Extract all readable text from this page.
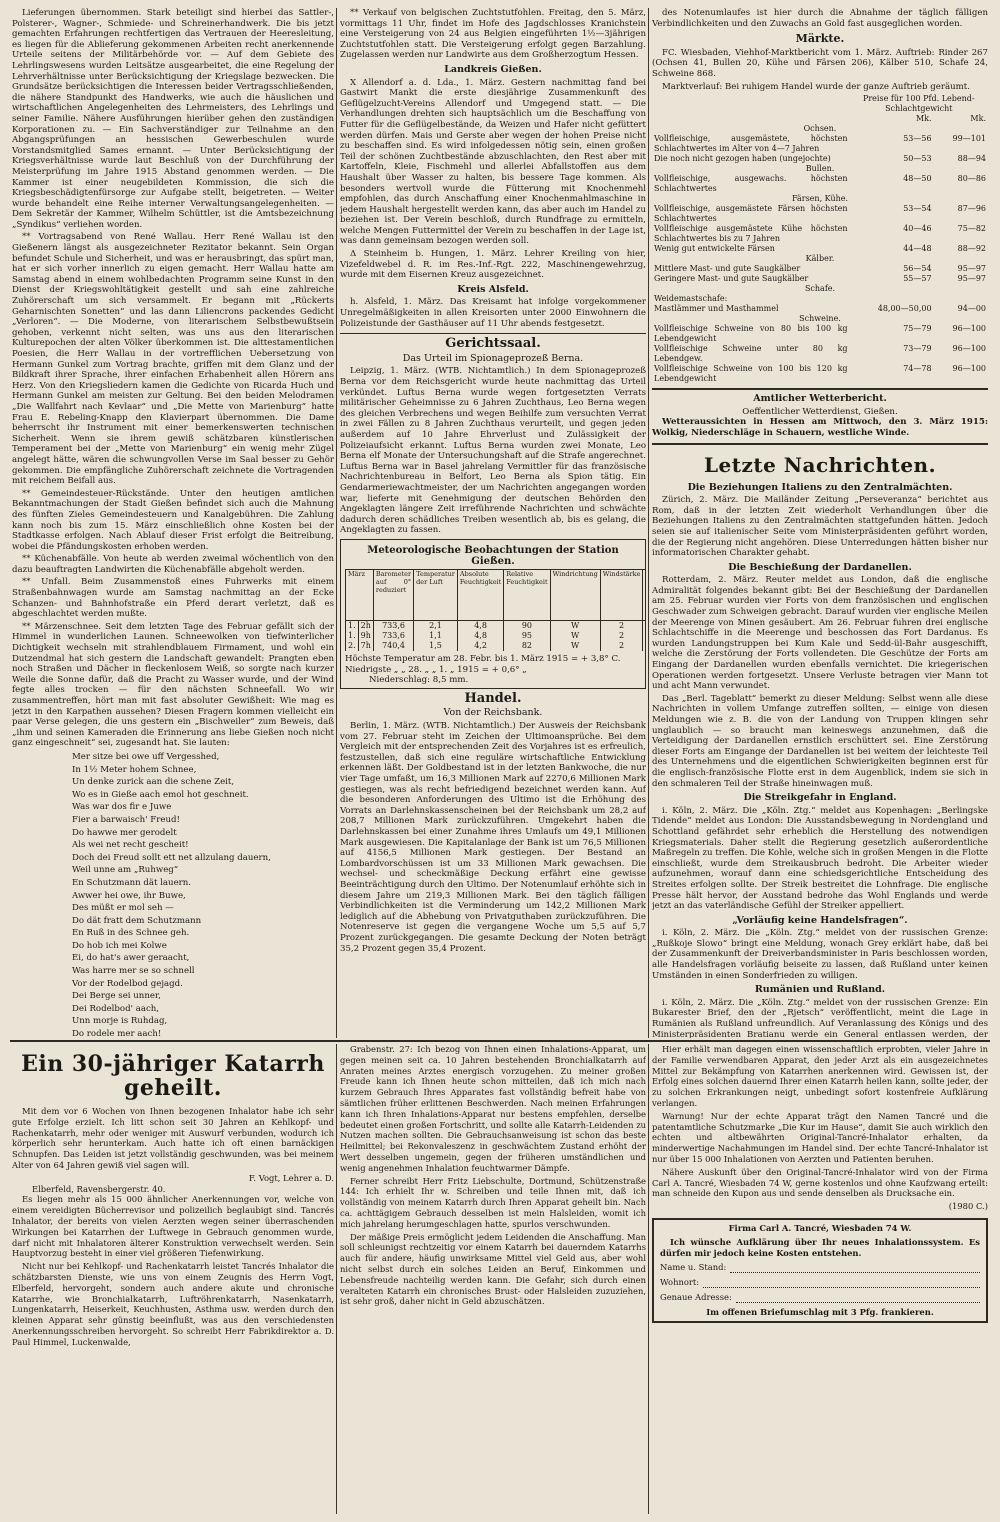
Lieferungen übernommen. Stark beteiligt sind hierbei das Sattler-, Polsterer-, Wagner-, Schmiede- und Schreinerhandwerk. Die bis jetzt gemachten Erfahrungen rechtfertigen das Vertrauen der Heeresleitung, es liegen für die Ablieferung gekommenen Arbeiten recht anerkennende Urteile seitens der Militärbehörde vor. — Auf dem Gebiete des Lehrlingswesens wurden Leitsätze ausgearbeitet, die eine Regelung der Lehrverhältnisse unter Berücksichtigung der Kriegslage bezwecken. Die Grundsätze berücksichtigen die Interessen beider Vertragsschließenden, die nähere Standpunkt des Handwerks, wie auch die häuslichen und wirtschaftlichen Angelegenheiten des Lehrmeisters, des Lehrlings und seiner Familie. Nähere Ausführungen hierüber gehen den zuständigen Korporationen zu. — Ein Sachverständiger zur Teilnahme an den Abgangsprüfungen an hessischen Gewerbeschulen wurde Vorstandsmitglied Sames ernannt. — Unter Berücksichtigung der Kriegsverhältnisse wurde laut Beschluß von der Durchführung der Meisterprüfung im Jahre 1915 Abstand genommen werden. — Die Kammer ist einer neugebildeten Kommission, die sich die Kriegsbeschädigtenfürsorge zur Aufgabe stellt, beigetreten. — Weiter wurde behandelt eine Reihe interner Verwaltungsangelegenheiten. — Dem Sekretär der Kammer, Wilhelm Schüttler, ist die Amtsbezeichnung „Syndikus“ verliehen worden.

** Vortragsabend von René Wallau. Herr René Wallau ist den Gießenern längst als ausgezeichneter Rezitator bekannt. Sein Organ befundet Schule und Sicherheit, und was er herausbringt, das spürt man, hat er sich vorher innerlich zu eigen gemacht. Herr Wallau hatte am Samstag abend in einem wohlbedachten Programm seine Kunst in den Dienst der Kriegswohltätigkeit gestellt und sah eine zahlreiche Zuhörerschaft um sich versammelt. Er begann mit „Rückerts Geharnischten Sonetten“ und las dann Liliencrons packendes Gedicht „Verloren“. — Die Moderne, von literarischem Selbstbewußtsein gehoben, verkennt nicht selten, was uns aus den literarischen Kulturepochen der alten Völker überkommen ist. Die alttestamentlichen Poesien, die Herr Wallau in der vortrefflichen Uebersetzung von Hermann Gunkel zum Vortrag brachte, griffen mit dem Glanz und der Bildkraft ihrer Sprache, ihrer einfachen Erhabenheit allen Hörern ans Herz. Von den Kriegsliedern kamen die Gedichte von Ricarda Huch und Hermann Gunkel am meisten zur Geltung. Bei den beiden Melodramen „Die Wallfahrt nach Kevlaar“ und „Die Mette von Marienburg“ hatte Frau E. Rebeling-Knapp den Klavierpart übernommen. Die Dame beherrscht ihr Instrument mit einer bemerkenswerten technischen Sicherheit. Wenn sie ihrem gewiß schätzbaren künstlerischen Temperament bei der „Mette von Marienburg“ ein wenig mehr Zügel angelegt hätte, wären die schwungvollen Verse im Saal besser zu Gehör gekommen. Die empfängliche Zuhörerschaft zeichnete die Vortragenden mit reichem Beifall aus.

** Gemeindesteuer-Rückstände. Unter den heutigen amtlichen Bekanntmachungen der Stadt Gießen befindet sich auch die Mahnung des fünften Zieles Gemeindesteuern und Kanalgebühren. Die Zahlung kann noch bis zum 15. März einschließlich ohne Kosten bei der Stadtkasse erfolgen. Nach Ablauf dieser Frist erfolgt die Beitreibung, wobei die Pfändungskosten erhoben werden.

** Küchenabfälle. Von heute ab werden zweimal wöchentlich von den dazu beauftragten Landwirten die Küchenabfälle abgeholt werden.

** Unfall. Beim Zusammenstoß eines Fuhrwerks mit einem Straßenbahnwagen wurde am Samstag nachmittag an der Ecke Schanzen- und Bahnhofstraße ein Pferd derart verletzt, daß es abgeschlachtet werden mußte.

** Märzenschnee. Seit dem letzten Tage des Februar gefällt sich der Himmel in wunderlichen Launen. Schneewolken von tiefwinterlicher Dichtigkeit wechseln mit strahlendblauem Firmament, und wohl ein Dutzendmal hat sich gestern die Landschaft gewandelt: Prangten eben noch Straßen und Dächer in fleckenlosem Weiß, so sorgte nach kurzer Weile die Sonne dafür, daß die Pracht zu Wasser wurde, und der Wind fegte alles trocken — für den nächsten Schneefall. Wo wir zusammentreffen, hört man mit fast absoluter Gewißheit: Wie mag es jetzt in den Karpathen aussehen? Diesen Fragern kommen vielleicht ein paar Verse gelegen, die uns gestern ein „Bischweiler“ zum Beweis, daß „ihm und seinen Kameraden die Erinnerung ans liebe Gießen noch nicht ganz eingeschneit“ sei, zugesandt hat. Sie lauten:

Mer sitze bei owe uff Vergesshed,
In 1½ Meter hohem Schnee,
Un denke zurick aan die schene Zeit,
Wo es in Gieße aach emol hot geschneit.
Was war dos fir e Juwe
Fier a barwaisch' Freud!
Do hawwe mer gerodelt
Als wei net recht gescheit!
Doch dei Freud sollt ett net allzulang dauern,
Weil unne am „Ruhweg“
En Schutzmann dät lauern.
Awwer hei owe, ihr Buwe,
Des müßt er mol seh —
Do dät fratt dem Schutzmann
En Ruß in des Schnee geh.
Do hob ich mei Kolwe
Ei, do hat's awer geraacht,
Was harre mer se so schnell
Vor der Rodelbod gejagd.
Dei Berge sei unner,
Dei Rodelbod' aach,
Unn morje is Ruhdag,
Do rodele mer aach!

** Verkauf von belgischen Zuchtstutfohlen. Freitag, den 5. März, vormittags 11 Uhr, findet im Hofe des Jagdschlosses Kranichstein eine Versteigerung von 24 aus Belgien eingeführten 1½—3jährigen Zuchtstutfohlen statt. Die Versteigerung erfolgt gegen Barzahlung. Zugelassen werden nur Landwirte aus dem Großherzogtum Hessen.

Landkreis Gießen.

X Allendorf a. d. Lda., 1. März. Gestern nachmittag fand bei Gastwirt Mankt die erste diesjährige Zusammenkunft des Geflügelzucht-Vereins Allendorf und Umgegend statt. — Die Verhandlungen drehten sich hauptsächlich um die Beschaffung von Futter für die Geflügelbestände, da Weizen und Hafer nicht gefüttert werden dürfen. Mais und Gerste aber wegen der hohen Preise nicht zu beschaffen sind. Es wird infolgedessen nötig sein, einen großen Teil der schönen Zuchtbestände abzuschlachten, den Rest aber mit Kartoffeln, Kleie, Fischmehl und allerlei Abfallstoffen aus dem Haushalt über Wasser zu halten, bis bessere Tage kommen. Als besonders wertvoll wurde die Fütterung mit Knochenmehl empfohlen, das durch Anschaffung einer Knochenmahlmaschine in jedem Haushalt hergestellt werden kann, das aber auch im Handel zu beziehen ist. Der Verein beschloß, durch Rundfrage zu ermitteln, welche Mengen Futtermittel der Verein zu beschaffen in der Lage ist, was dann gemeinsam bezogen werden soll.

Δ Steinheim b. Hungen, 1. März. Lehrer Kreiling von hier, Vizefeldwebel d. R. im Res.-Inf.-Rgt. 222, Maschinengewehrzug, wurde mit dem Eisernen Kreuz ausgezeichnet.

Kreis Alsfeld.

h. Alsfeld, 1. März. Das Kreisamt hat infolge vorgekommener Unregelmäßigkeiten in allen Kreisorten unter 2000 Einwohnern die Polizeistunde der Gasthäuser auf 11 Uhr abends festgesetzt.

Gerichtssaal.
Das Urteil im Spionageprozeß Berna.

Leipzig, 1. März. (WTB. Nichtamtlich.) In dem Spionageprozeß Berna vor dem Reichsgericht wurde heute nachmittag das Urteil verkündet. Luftus Berna wurde wegen fortgesetzten Verrats militärischer Geheimnisse zu 6 Jahren Zuchthaus, Leo Berna wegen des gleichen Verbrechens und wegen Beihilfe zum versuchten Verrat in zwei Fällen zu 8 Jahren Zuchthaus verurteilt, und gegen jeden außerdem auf 10 Jahre Ehrverlust und Zulässigkeit der Polizeiaufsicht erkannt. Luftus Berna wurden zwei Monate, Leo Berna elf Monate der Untersuchungshaft auf die Strafe angerechnet. Luftus Berna war in Basel jahrelang Vermittler für das französische Nachrichtenbureau in Belfort, Leo Berna als Spion tätig. Ein Gendarmeriewachtmeister, der um Nachrichten angegangen worden war, lieferte mit Genehmigung der deutschen Behörden den Angeklagten längere Zeit irreführende Nachrichten und schwächte dadurch deren schädliches Treiben wesentlich ab, bis es gelang, die Angeklagten zu fassen.

Meteorologische Beobachtungen der Station Gießen.
März		Barometer auf 0° reduziert	Temperatur der Luft	Absolute Feuchtigkeit	Relative Feuchtigkeit	Windrichtung	Windstärke		
1.	2h	733,6	2,1	4,8	90	W	2		
1.	9h	733,6	1,1	4,8	95	W	2		
2.	7h	740,4	1,5	4,2	82	W	2		
Höchste Temperatur am 28. Febr. bis 1. März 1915 = + 3,8° C.
Niedrigste „ „ 28. „ „ 1. „ 1915 = + 0,6° „
Niederschlag: 8,5 mm.
Handel.
Von der Reichsbank.

Berlin, 1. März. (WTB. Nichtamtlich.) Der Ausweis der Reichsbank vom 27. Februar steht im Zeichen der Ultimoansprüche. Bei dem Vergleich mit der entsprechenden Zeit des Vorjahres ist es erfreulich, festzustellen, daß sich eine reguläre wirtschaftliche Entwicklung erkennen läßt. Der Goldbestand ist in der letzten Bankwoche, die nur vier Tage umfaßt, um 16,3 Millionen Mark auf 2270,6 Millionen Mark gestiegen, was als recht befriedigend bezeichnet werden kann. Auf die besonderen Anforderungen des Ultimo ist die Erhöhung des Vorrats an Darlehnskassenscheinen bei der Reichsbank um 28,2 auf 208,7 Millionen Mark zurückzuführen. Umgekehrt haben die Darlehnskassen bei einer Zunahme ihres Umlaufs um 49,1 Millionen Mark ausgewiesen. Die Kapitalanlage der Bank ist um 76,5 Millionen auf 4156,5 Millionen Mark gestiegen. Der Bestand an Lombardvorschüssen ist um 33 Millionen Mark gewachsen. Die wechsel- und scheckmäßige Deckung erfährt eine gewisse Beeinträchtigung durch den Ultimo. Der Notenumlauf erhöhte sich in diesem Jahre um 219,3 Millionen Mark. Bei den täglich fälligen Verbindlichkeiten ist die Verminderung um 142,2 Millionen Mark lediglich auf die Abhebung von Privatguthaben zurückzuführen. Die Notenreserve ist gegen die vergangene Woche um 5,5 auf 5,7 Prozent zurückgegangen. Die gesamte Deckung der Noten beträgt 35,2 Prozent gegen 35,4 Prozent.

des Notenumlaufes ist hier durch die Abnahme der täglich fälligen Verbindlichkeiten und den Zuwachs an Gold fast ausgeglichen worden.

Märkte.

FC. Wiesbaden, Viehhof-Marktbericht vom 1. März. Auftrieb: Rinder 267 (Ochsen 41, Bullen 20, Kühe und Färsen 206), Kälber 510, Schafe 24, Schweine 868.

Marktverlauf: Bei ruhigem Handel wurde der ganze Auftrieb geräumt.

	Preise für 100 Pfd. Lebend- Schlachtgewicht	
	Mk.	Mk.
Ochsen.		
Vollfleischige, ausgemästete, höchsten Schlachtwertes im Alter von 4—7 Jahren	53—56	99—101
Die noch nicht gezogen haben (ungejochte)	50—53	88—94
Bullen.		
Vollfleischige, ausgewachs. höchsten Schlachtwertes	48—50	80—86
Färsen, Kühe.		
Vollfleischige, ausgemästete Färsen höchsten Schlachtwertes	53—54	87—96
Vollfleischige ausgemästete Kühe höchsten Schlachtwertes bis zu 7 Jahren	40—46	75—82
Wenig gut entwickelte Färsen	44—48	88—92
Kälber.		
Mittlere Mast- und gute Saugkälber	56—54	95—97
Geringere Mast- und gute Saugkälber	55—57	95—97
Schafe.		
Weidemastschafe:		
Mastlämmer und Masthammel	48,00—50,00	94—00
Schweine.		
Vollfleischige Schweine von 80 bis 100 kg Lebendgewicht	75—79	96—100
Vollfleischige Schweine unter 80 kg Lebendgew.	73—79	96—100
Vollfleischige Schweine von 100 bis 120 kg Lebendgewicht	74—78	96—100
Amtlicher Wetterbericht.
Oeffentlicher Wetterdienst, Gießen.

Wetteraussichten in Hessen am Mittwoch, den 3. März 1915: Wolkig, Niederschläge in Schauern, westliche Winde.

Letzte Nachrichten.
Die Beziehungen Italiens zu den Zentralmächten.

Zürich, 2. März. Die Mailänder Zeitung „Perseveranza“ berichtet aus Rom, daß in der letzten Zeit wiederholt Verhandlungen über die Beziehungen Italiens zu den Zentralmächten stattgefunden hätten. Jedoch seien sie auf italienischer Seite vom Ministerpräsidenten geführt worden, die der Regierung nicht angehören. Diese Unterredungen hätten bisher nur informatorischen Charakter gehabt.

Die Beschießung der Dardanellen.

Rotterdam, 2. März. Reuter meldet aus London, daß die englische Admiralität folgendes bekannt gibt: Bei der Beschießung der Dardanellen am 25. Februar wurden vier Forts von dem französischen und englischen Geschwader zum Schweigen gebracht. Darauf wurden vier englische Meilen der Meerenge von Minen gesäubert. Am 26. Februar fuhren drei englische Schlachtschiffe in die Meerenge und beschossen das Fort Dardanus. Es wurden Landungstruppen bei Kum Kale und Sedd-ül-Bahr ausgeschifft, welche die Zerstörung der Forts vollendeten. Die Geschütze der Forts am Eingang der Dardanellen wurden ebenfalls vernichtet. Die kriegerischen Operationen werden fortgesetzt. Unsere Verluste betragen vier Mann tot und acht Mann verwundet.

Das „Berl. Tageblatt“ bemerkt zu dieser Meldung: Selbst wenn alle diese Nachrichten in vollem Umfange zutreffen sollten, — einige von diesen Meldungen wie z. B. die von der Landung von Truppen klingen sehr unglaublich — so braucht man keineswegs anzunehmen, daß die Verteidigung der Dardanellen ernstlich erschüttert sei. Eine Zerstörung dieser Forts am Eingange der Dardanellen ist bei weitem der leichteste Teil des Unternehmens und die eigentlichen Schwierigkeiten beginnen erst für die englisch-französische Flotte erst in dem Augenblick, indem sie sich in den schmaleren Teil der Straße hineinwagen muß.

Die Streikgefahr in England.

i. Köln, 2. März. Die „Köln. Ztg.“ meldet aus Kopenhagen: „Berlingske Tidende“ meldet aus London: Die Ausstandsbewegung in Nordengland und Schottland gefährdet sehr erheblich die Herstellung des notwendigen Kriegsmaterials. Daher stellt die Regierung gesetzlich außerordentliche Maßregeln zu treffen. Die Kohle, welche sich in großen Mengen in die Flotte einschließt, wurde dem Streikausbruch bedroht. Die Arbeiter wieder aufzunehmen, worauf dann eine schiedsgerichtliche Entscheidung des Streites erfolgen sollte. Der Streik bestreitet die Lohnfrage. Die englische Presse hält hervor, der Ausstand bedrohe das Wohl Englands und werde jetzt an das vaterländische Gefühl der Streiker appelliert.

„Vorläufig keine Handelsfragen“.

i. Köln, 2. März. Die „Köln. Ztg.“ meldet von der russischen Grenze: „Rußkoje Slowo“ bringt eine Meldung, wonach Grey erklärt habe, daß bei der Zusammenkunft der Dreiverbandsminister in Paris beschlossen worden, alle Handelsfragen vorläufig beiseite zu lassen, daß Rußland unter keinen Umständen in einen Sonderfrieden zu willigen.

Rumänien und Rußland.

i. Köln, 2. März. Die „Köln. Ztg.“ meldet von der russischen Grenze: Ein Bukarester Brief, den der „Rjetsch“ veröffentlicht, meint die Lage in Rumänien als Rußland unfreundlich. Auf Veranlassung des Königs und des Ministerpräsidenten Bratianu werde ein General entlassen werden, der

Ein 30-jähriger Katarrh geheilt.

Mit dem vor 6 Wochen von Ihnen bezogenen Inhalator habe ich sehr gute Erfolge erzielt. Ich litt schon seit 30 Jahren an Kehlkopf- und Rachenkatarrh, mehr oder weniger mit Auswurf verbunden, wodurch ich körperlich sehr herunterkam. Auch hatte ich oft einen barnäckigen Schnupfen. Das Leiden ist jetzt vollständig geschwunden, was bei meinem Alter von 64 Jahren gewiß viel sagen will.

F. Vogt, Lehrer a. D.
Elberfeld, Ravensbergerstr. 40.

Es liegen mehr als 15 000 ähnlicher Anerkennungen vor, welche von einem vereidigten Bücherrevisor und polizeilich beglaubigt sind. Tancrés Inhalator, der bereits von vielen Aerzten wegen seiner überraschenden Wirkungen bei Katarrhen der Luftwege in Gebrauch genommen wurde, darf nicht mit Inhalatoren älterer Konstruktion verwechselt werden. Sein Hauptvorzug besteht in einer viel größeren Tiefenwirkung.

Nicht nur bei Kehlkopf- und Rachenkatarrh leistet Tancrés Inhalator die schätzbarsten Dienste, wie uns von einem Zeugnis des Herrn Vogt, Elberfeld, hervorgeht, sondern auch andere akute und chronische Katarrhe, wie Bronchialkatarrh, Luftröhrenkatarrh, Nasenkatarrh, Lungenkatarrh, Heiserkeit, Keuchhusten, Asthma usw. werden durch den kleinen Apparat sehr günstig beeinflußt, was aus den verschiedensten Anerkennungsschreiben hervorgeht. So schreibt Herr Fabrikdirektor a. D. Paul Himmel, Luckenwalde,

Grabenstr. 27: Ich bezog von Ihnen einen Inhalations-Apparat, um gegen meinen seit ca. 10 Jahren bestehenden Bronchialkatarrh auf Anraten meines Arztes energisch vorzugehen. Zu meiner großen Freude kann ich Ihnen heute schon mitteilen, daß ich mich nach kurzem Gebrauch Ihres Apparates fast vollständig befreit habe von sämtlichen früher erlittenen Beschwerden. Nach meinen Erfahrungen kann ich Ihren Inhalations-Apparat nur bestens empfehlen, derselbe bedeutet einen großen Fortschritt, und sollte alle Katarrh-Leidenden zu Nutzen machen sollten. Die Gebrauchsanweisung ist schon das beste Heilmittel; bei Rekonvaleszenz in geschwächtem Zustand erhöht der Wert desselben ungemein, gegen der früheren umständlichen und wenig angenehmen Inhalation feuchtwarmer Dämpfe.

Ferner schreibt Herr Fritz Liebschulte, Dortmund, Schützenstraße 144: Ich erhielt Ihr w. Schreiben und teile Ihnen mit, daß ich vollständig von meinem Katarrh durch Ihren Apparat geheilt bin. Nach ca. achttägigem Gebrauch desselben ist mein Halsleiden, womit ich mich jahrelang herumgeschlagen hatte, spurlos verschwunden.

Der mäßige Preis ermöglicht jedem Leidenden die Anschaffung. Man soll schleunigst rechtzeitig vor einem Katarrh bei dauerndem Katarrhs auch für andere, häufig unwirksame Mittel viel Geld aus, aber wohl nicht selbst durch ein solches Leiden an Beruf, Einkommen und Lebensfreude nachteilig werden kann. Die Gefahr, sich durch einen veralteten Katarrh ein chronisches Brust- oder Halsleiden zuzuziehen, ist sehr groß, daher nicht in Geld abzuschätzen.

Hier erhält man dagegen einen wissenschaftlich erprobten, vieler Jahre in der Familie verwendbaren Apparat, den jeder Arzt als ein ausgezeichnetes Mittel zur Bekämpfung von Katarrhen anerkennen wird. Gewissen ist, der Erfolg eines solchen dauernd Ihrer einen Katarrh heilen kann, sollte jeder, der zu solchen Erkrankungen neigt, unbedingt sofort kostenfreie Aufklärung verlangen.

Warnung! Nur der echte Apparat trägt den Namen Tancré und die patentamtliche Schutzmarke „Die Kur im Hause“, damit Sie auch wirklich den echten und altbewährten Original-Tancré-Inhalator erhalten, da minderwertige Nachahmungen im Handel sind. Der echte Tancré-Inhalator ist nur über 15 000 Inhalationen von Aerzten und Patienten beruhen.

Nähere Auskunft über den Original-Tancré-Inhalator wird von der Firma Carl A. Tancré, Wiesbaden 74 W, gerne kostenlos und ohne Kaufzwang erteilt: man schneide den Kupon aus und sende denselben als Drucksache ein.

(1980 C.)
Firma Carl A. Tancré, Wiesbaden 74 W.

Ich wünsche Aufklärung über Ihr neues Inhalationssystem. Es dürfen mir jedoch keine Kosten entstehen.

Name u. Stand:
Wohnort:
Genaue Adresse:
Im offenen Briefumschlag mit 3 Pfg. frankieren.
